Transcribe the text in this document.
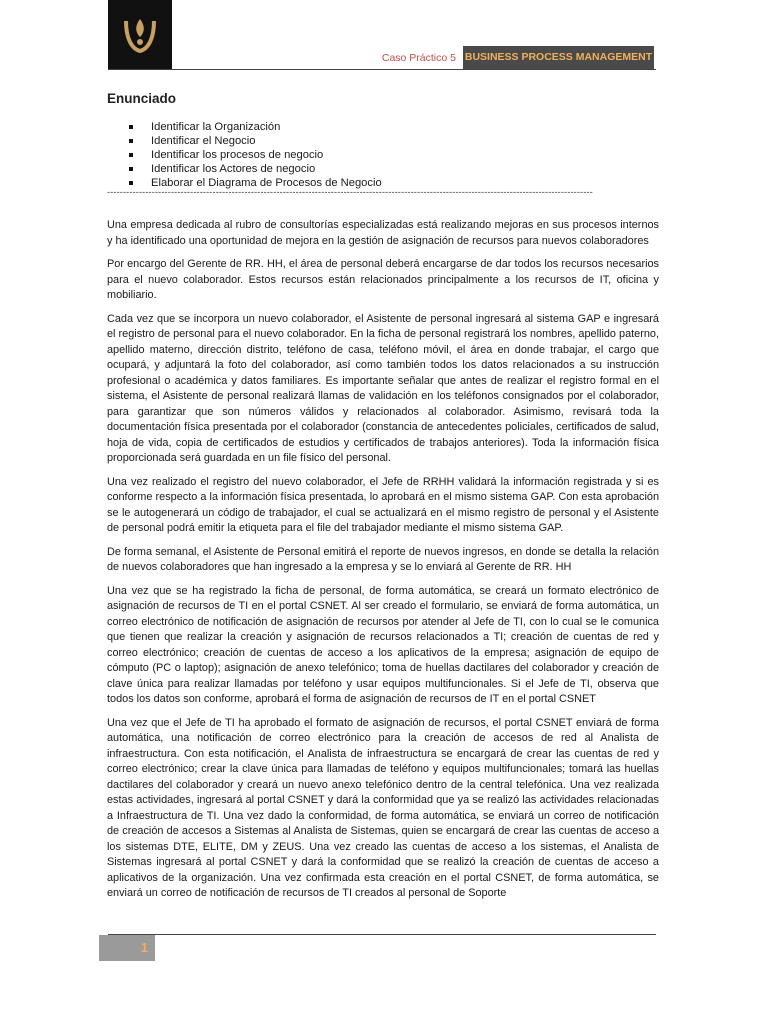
Caso Práctico 5 BUSINESS PROCESS MANAGEMENT
Enunciado
Identificar la Organización
Identificar el Negocio
Identificar los procesos de negocio
Identificar los Actores de negocio
Elaborar el Diagrama de Procesos de Negocio
--------------------------------------------------------------------------------------------------------------------------------------------------------

Una empresa dedicada al rubro de consultorías especializadas está realizando mejoras en sus procesos internos y ha identificado una oportunidad de mejora en la gestión de asignación de recursos para nuevos colaboradores

Por encargo del Gerente de RR. HH, el área de personal deberá encargarse de dar todos los recursos necesarios para el nuevo colaborador. Estos recursos están relacionados principalmente a los recursos de IT, oficina y mobiliario.

Cada vez que se incorpora un nuevo colaborador, el Asistente de personal ingresará al sistema GAP e ingresará el registro de personal para el nuevo colaborador. En la ficha de personal registrará los nombres, apellido paterno, apellido materno, dirección distrito, teléfono de casa, teléfono móvil, el área en donde trabajar, el cargo que ocupará, y adjuntará la foto del colaborador, así como también todos los datos relacionados a su instrucción profesional o académica y datos familiares. Es importante señalar que antes de realizar el registro formal en el sistema, el Asistente de personal realizará llamas de validación en los teléfonos consignados por el colaborador, para garantizar que son números válidos y relacionados al colaborador. Asimismo, revisará toda la documentación física presentada por el colaborador (constancia de antecedentes policiales, certificados de salud, hoja de vida, copia de certificados de estudios y certificados de trabajos anteriores). Toda la información física proporcionada será guardada en un file físico del personal.

Una vez realizado el registro del nuevo colaborador, el Jefe de RRHH validará la información registrada y si es conforme respecto a la información física presentada, lo aprobará en el mismo sistema GAP. Con esta aprobación se le autogenerará un código de trabajador, el cual se actualizará en el mismo registro de personal y el Asistente de personal podrá emitir la etiqueta para el file del trabajador mediante el mismo sistema GAP.

De forma semanal, el Asistente de Personal emitirá el reporte de nuevos ingresos, en donde se detalla la relación de nuevos colaboradores que han ingresado a la empresa y se lo enviará al Gerente de RR. HH

Una vez que se ha registrado la ficha de personal, de forma automática, se creará un formato electrónico de asignación de recursos de TI en el portal CSNET. Al ser creado el formulario, se enviará de forma automática, un correo electrónico de notificación de asignación de recursos por atender al Jefe de TI, con lo cual se le comunica que tienen que realizar la creación y asignación de recursos relacionados a TI; creación de cuentas de red y correo electrónico; creación de cuentas de acceso a los aplicativos de la empresa; asignación de equipo de cómputo (PC o laptop); asignación de anexo telefónico; toma de huellas dactilares del colaborador y creación de clave única para realizar llamadas por teléfono y usar equipos multifuncionales. Si el Jefe de TI, observa que todos los datos son conforme, aprobará el forma de asignación de recursos de IT en el portal CSNET

Una vez que el Jefe de TI ha aprobado el formato de asignación de recursos, el portal CSNET enviará de forma automática, una notificación de correo electrónico para la creación de accesos de red al Analista de infraestructura. Con esta notificación, el Analista de infraestructura se encargará de crear las cuentas de red y correo electrónico; crear la clave única para llamadas de teléfono y equipos multifuncionales; tomará las huellas dactilares del colaborador y creará un nuevo anexo telefónico dentro de la central telefónica. Una vez realizada estas actividades, ingresará al portal CSNET y dará la conformidad que ya se realizó las actividades relacionadas a Infraestructura de TI. Una vez dado la conformidad, de forma automática, se enviará un correo de notificación de creación de accesos a Sistemas al Analista de Sistemas, quien se encargará de crear las cuentas de acceso a los sistemas DTE, ELITE, DM y ZEUS. Una vez creado las cuentas de acceso a los sistemas, el Analista de Sistemas ingresará al portal CSNET y dará la conformidad que se realizó la creación de cuentas de acceso a aplicativos de la organización. Una vez confirmada esta creación en el portal CSNET, de forma automática, se enviará un correo de notificación de recursos de TI creados al personal de Soporte

1
